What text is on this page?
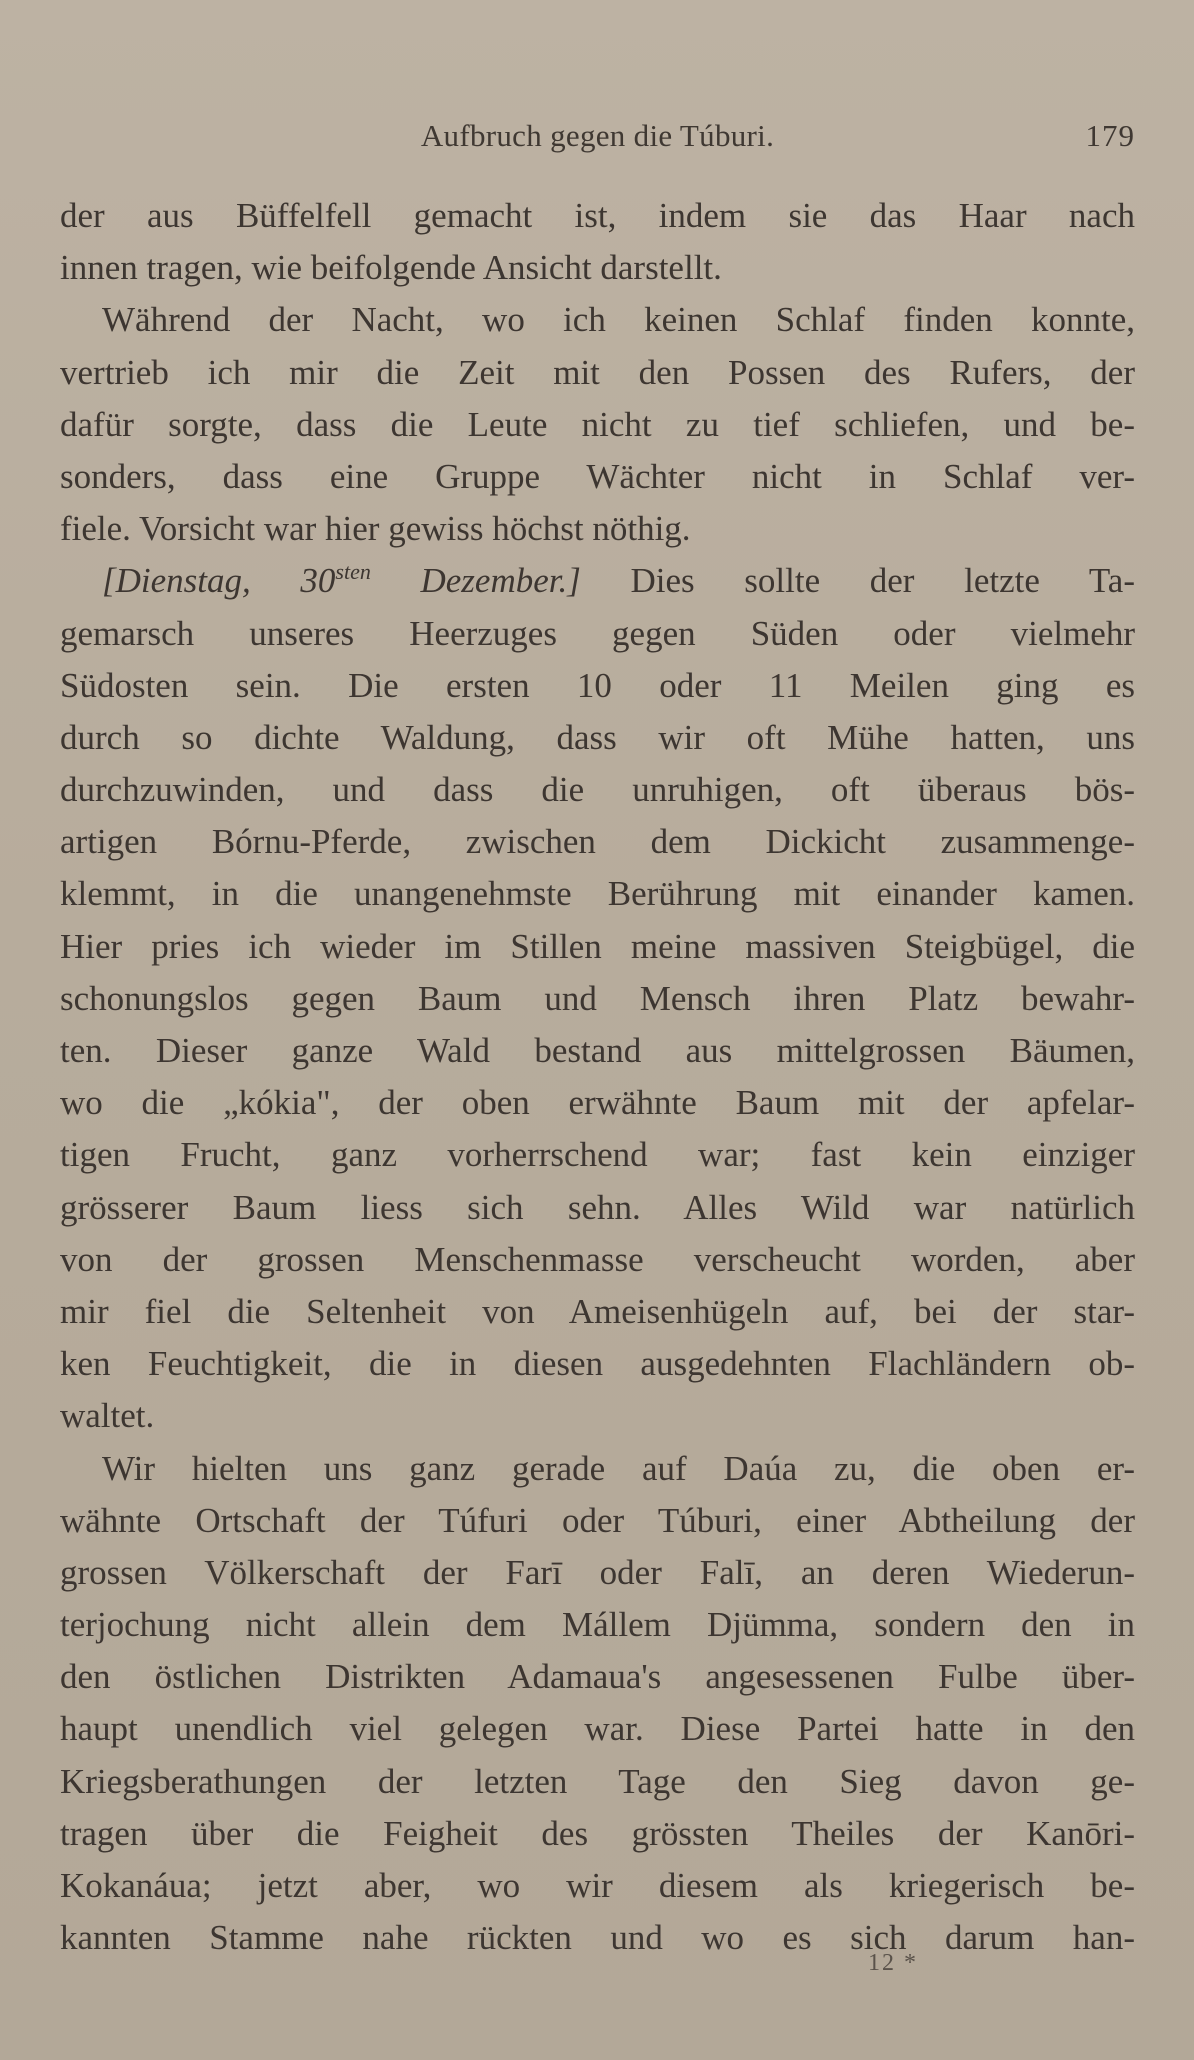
Aufbruch gegen die Túburi.	179
der aus Büffelfell gemacht ist, indem sie das Haar nach
innen tragen, wie beifolgende Ansicht darstellt.
Während der Nacht, wo ich keinen Schlaf finden konnte,
vertrieb ich mir die Zeit mit den Possen des Rufers, der
dafür sorgte, dass die Leute nicht zu tief schliefen, und be-
sonders, dass eine Gruppe Wächter nicht in Schlaf ver-
fiele. Vorsicht war hier gewiss höchst nöthig.
[Dienstag, $30^{sten}$ Dezember.] Dies sollte der letzte Ta-
gemarsch unseres Heerzuges gegen Süden oder vielmehr
Südosten sein. Die ersten 10 oder 11 Meilen ging es
durch so dichte Waldung, dass wir oft Mühe hatten, uns
durchzuwinden, und dass die unruhigen, oft überaus bös-
artigen Bórnu-Pferde, zwischen dem Dickicht zusammenge-
klemmt, in die unangenehmste Berührung mit einander kamen.
Hier pries ich wieder im Stillen meine massiven Steigbügel, die
schonungslos gegen Baum und Mensch ihren Platz bewahr-
ten. Dieser ganze Wald bestand aus mittelgrossen Bäumen,
wo die „kókia", der oben erwähnte Baum mit der apfelar-
tigen Frucht, ganz vorherrschend war; fast kein einziger
grösserer Baum liess sich sehn. Alles Wild war natürlich
von der grossen Menschenmasse verscheucht worden, aber
mir fiel die Seltenheit von Ameisenhügeln auf, bei der star-
ken Feuchtigkeit, die in diesen ausgedehnten Flachländern ob-
waltet.
Wir hielten uns ganz gerade auf Daúa zu, die oben er-
wähnte Ortschaft der Túfuri oder Túburi, einer Abtheilung der
grossen Völkerschaft der Farī oder Falī, an deren Wiederun-
terjochung nicht allein dem Mállem Djümma, sondern den in
den östlichen Distrikten Adamaua's angesessenen Fulbe über-
haupt unendlich viel gelegen war. Diese Partei hatte in den
Kriegsberathungen der letzten Tage den Sieg davon ge-
tragen über die Feigheit des grössten Theiles der Kanōri-
Kokanáua; jetzt aber, wo wir diesem als kriegerisch be-
kannten Stamme nahe rückten und wo es sich darum han-
12 *
